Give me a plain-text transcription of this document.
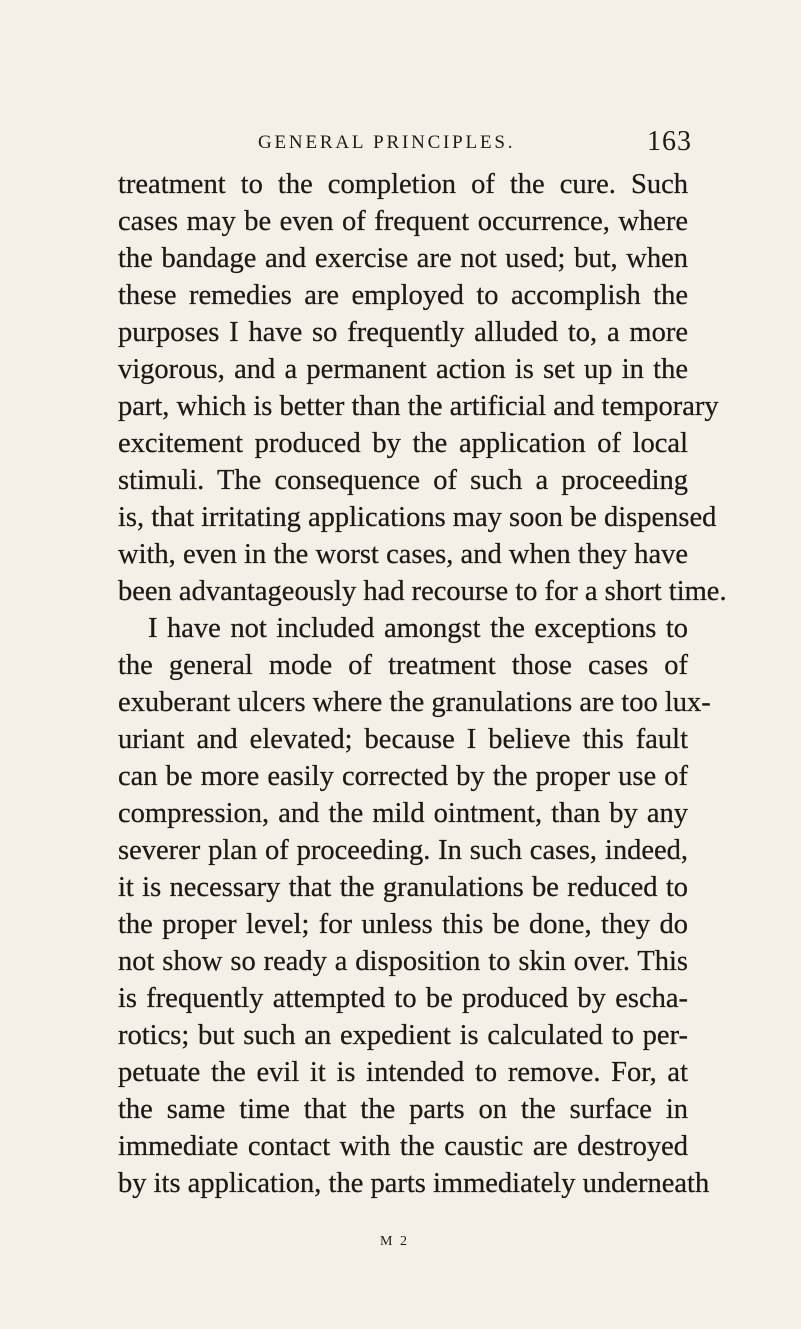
GENERAL PRINCIPLES.	163
treatment to the completion of the cure. Such
cases may be even of frequent occurrence, where
the bandage and exercise are not used; but, when
these remedies are employed to accomplish the
purposes I have so frequently alluded to, a more
vigorous, and a permanent action is set up in the
part, which is better than the artificial and temporary
excitement produced by the application of local
stimuli. The consequence of such a proceeding
is, that irritating applications may soon be dispensed
with, even in the worst cases, and when they have
been advantageously had recourse to for a short time.
I have not included amongst the exceptions to
the general mode of treatment those cases of
exuberant ulcers where the granulations are too lux-
uriant and elevated; because I believe this fault
can be more easily corrected by the proper use of
compression, and the mild ointment, than by any
severer plan of proceeding. In such cases, indeed,
it is necessary that the granulations be reduced to
the proper level; for unless this be done, they do
not show so ready a disposition to skin over. This
is frequently attempted to be produced by escha-
rotics; but such an expedient is calculated to per-
petuate the evil it is intended to remove. For, at
the same time that the parts on the surface in
immediate contact with the caustic are destroyed
by its application, the parts immediately underneath
M 2
